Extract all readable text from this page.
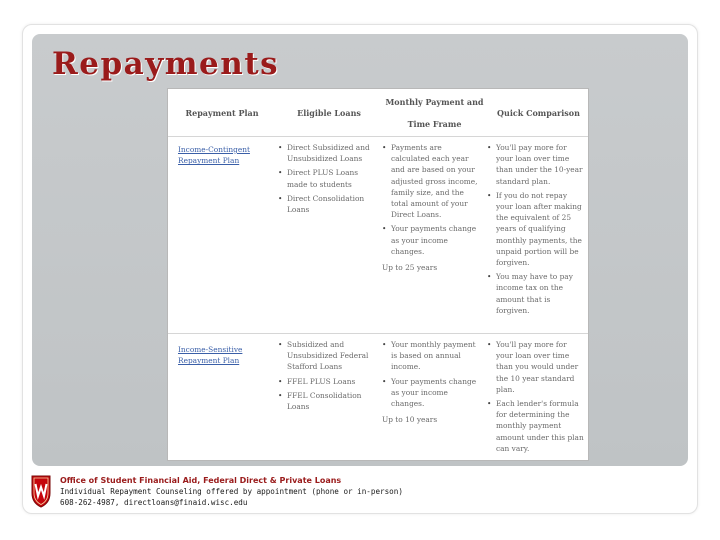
Repayments
Repayment Plan	Eligible Loans
Monthly Payment and
Time Frame
Quick Comparison
Income-Contingent
Repayment Plan
• Direct Subsidized and Unsubsidized Loans
• Direct PLUS Loans made to students
• Direct Consolidation Loans
• Payments are calculated each year and are based on your adjusted gross income, family size, and the total amount of your Direct Loans.
• Your payments change as your income changes.
Up to 25 years
• You'll pay more for your loan over time than under the 10-year standard plan.
• If you do not repay your loan after making the equivalent of 25 years of qualifying monthly payments, the unpaid portion will be forgiven.
• You may have to pay income tax on the amount that is forgiven.
Income-Sensitive
Repayment Plan
• Subsidized and Unsubsidized Federal Stafford Loans
• FFEL PLUS Loans
• FFEL Consolidation Loans
• Your monthly payment is based on annual income.
• Your payments change as your income changes.
Up to 10 years
• You'll pay more for your loan over time than you would under the 10 year standard plan.
• Each lender's formula for determining the monthly payment amount under this plan can vary.
Office of Student Financial Aid, Federal Direct & Private Loans
Individual Repayment Counseling offered by appointment (phone or in-person)
608-262-4987, directloans@finaid.wisc.edu
